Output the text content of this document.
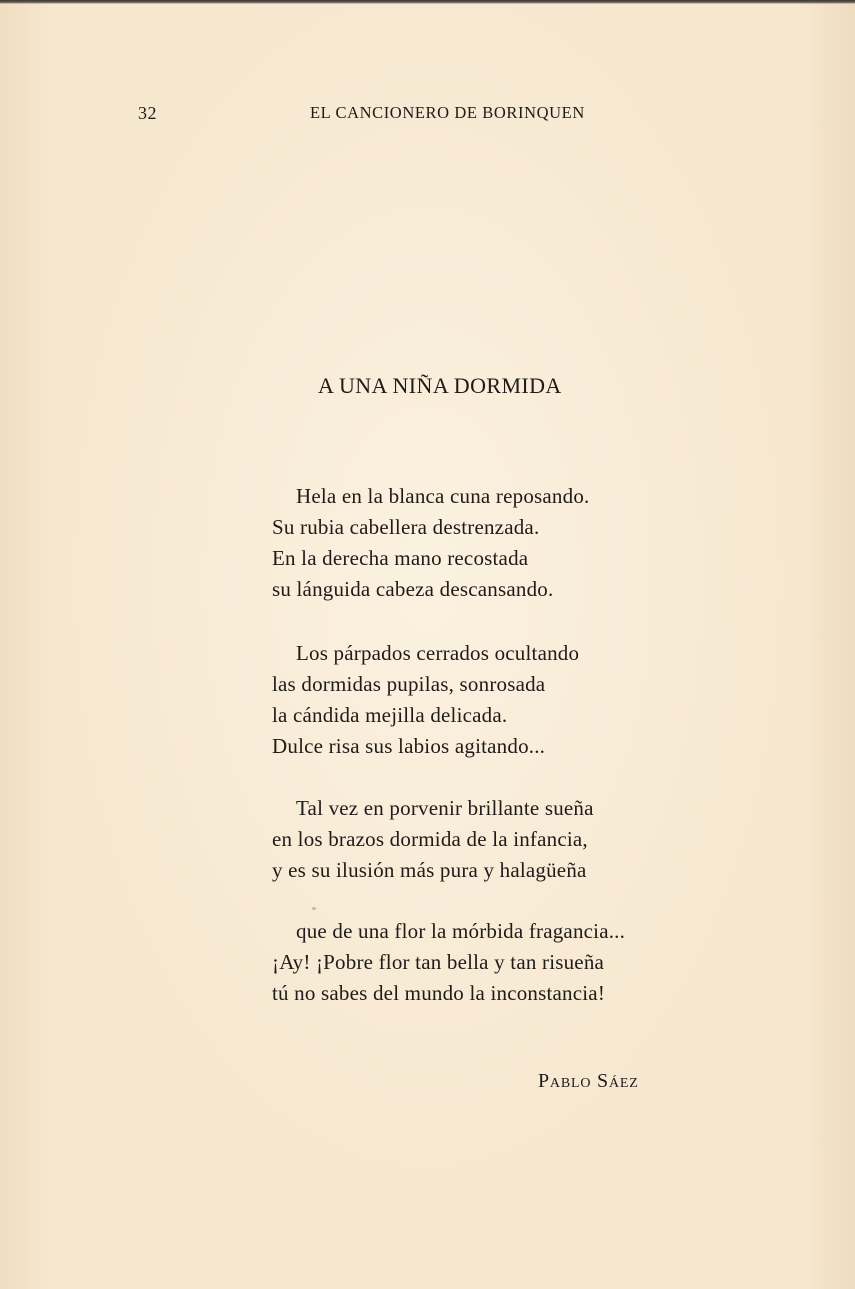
32	EL CANCIONERO DE BORINQUEN
A UNA NIÑA DORMIDA
Hela en la blanca cuna reposando.
Su rubia cabellera destrenzada.
En la derecha mano recostada
su lánguida cabeza descansando.
Los párpados cerrados ocultando
las dormidas pupilas, sonrosada
la cándida mejilla delicada.
Dulce risa sus labios agitando...
Tal vez en porvenir brillante sueña
en los brazos dormida de la infancia,
y es su ilusión más pura y halagüeña
que de una flor la mórbida fragancia...
¡Ay! ¡Pobre flor tan bella y tan risueña
tú no sabes del mundo la inconstancia!
Pablo Sáez
